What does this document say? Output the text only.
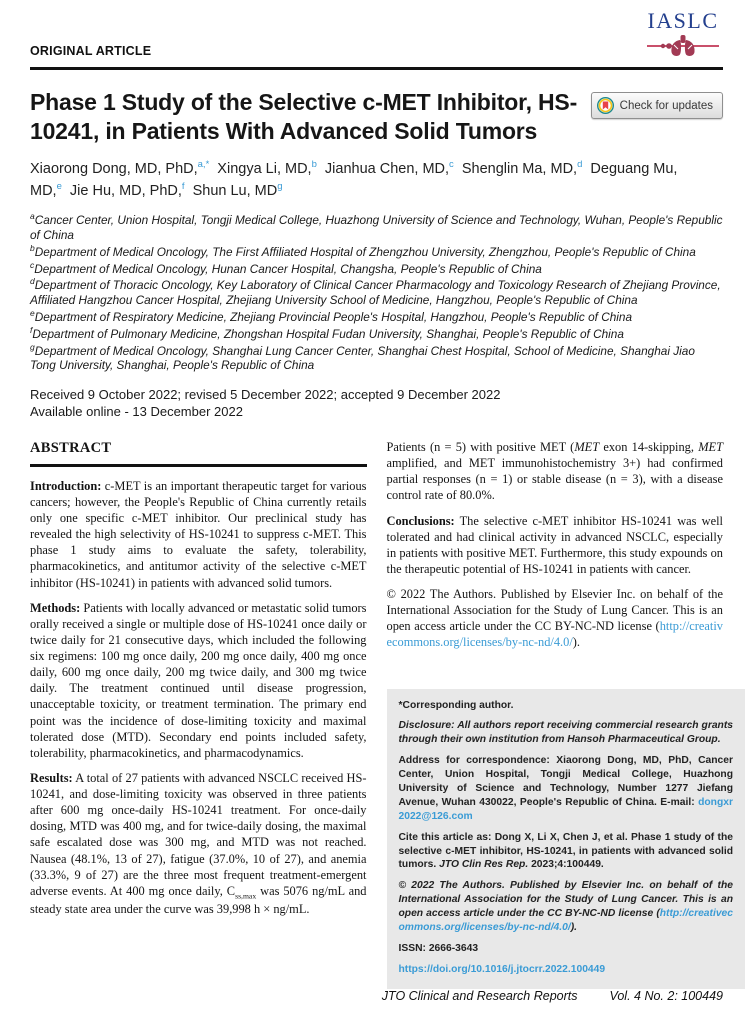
ORIGINAL ARTICLE
IASLC
Phase 1 Study of the Selective c-MET Inhibitor, HS-10241, in Patients With Advanced Solid Tumors
Check for updates
Xiaorong Dong, MD, PhD,$^{a,*}$ Xingya Li, MD,$^b$ Jianhua Chen, MD,$^c$ Shenglin Ma, MD,$^d$ Deguang Mu, MD,$^e$ Jie Hu, MD, PhD,$^f$ Shun Lu, $MD^g$
$^a$Cancer Center, Union Hospital, Tongji Medical College, Huazhong University of Science and Technology, Wuhan, People's Republic of China
$^b$Department of Medical Oncology, The First Affiliated Hospital of Zhengzhou University, Zhengzhou, People's Republic of China
$^c$Department of Medical Oncology, Hunan Cancer Hospital, Changsha, People's Republic of China
$^d$Department of Thoracic Oncology, Key Laboratory of Clinical Cancer Pharmacology and Toxicology Research of Zhejiang Province, Affiliated Hangzhou Cancer Hospital, Zhejiang University School of Medicine, Hangzhou, People's Republic of China
$^e$Department of Respiratory Medicine, Zhejiang Provincial People's Hospital, Hangzhou, People's Republic of China
$^f$Department of Pulmonary Medicine, Zhongshan Hospital Fudan University, Shanghai, People's Republic of China
$^g$Department of Medical Oncology, Shanghai Lung Cancer Center, Shanghai Chest Hospital, School of Medicine, Shanghai Jiao Tong University, Shanghai, People's Republic of China
Received 9 October 2022; revised 5 December 2022; accepted 9 December 2022
Available online - 13 December 2022
ABSTRACT

Introduction: c-MET is an important therapeutic target for various cancers; however, the People's Republic of China currently retails only one specific c-MET inhibitor. Our preclinical study has revealed the high selectivity of HS-10241 to suppress c-MET. This phase 1 study aims to evaluate the safety, tolerability, pharmacokinetics, and antitumor activity of the selective c-MET inhibitor (HS-10241) in patients with advanced solid tumors.

Methods: Patients with locally advanced or metastatic solid tumors orally received a single or multiple dose of HS-10241 once daily or twice daily for 21 consecutive days, which included the following six regimens: 100 mg once daily, 200 mg once daily, 400 mg once daily, 600 mg once daily, 200 mg twice daily, and 300 mg twice daily. The treatment continued until disease progression, unacceptable toxicity, or treatment termination. The primary end point was the incidence of dose-limiting toxicity and maximal tolerated dose (MTD). Secondary end points included safety, tolerability, pharmacokinetics, and pharmacodynamics.

Results: A total of 27 patients with advanced NSCLC received HS-10241, and dose-limiting toxicity was observed in three patients after 600 mg once-daily HS-10241 treatment. For once-daily dosing, MTD was 400 mg, and for twice-daily dosing, the maximal safe escalated dose was 300 mg, and MTD was not reached. Nausea (48.1%, 13 of 27), fatigue (37.0%, 10 of 27), and anemia (33.3%, 9 of 27) are the three most frequent treatment-emergent adverse events. At 400 mg once daily, $C_{ss,max}$ was 5076 ng/mL and steady state area under the curve was 39,998 h × ng/mL.

Patients (n = 5) with positive MET (MET exon 14-skipping, MET amplified, and MET immunohistochemistry 3+) had confirmed partial responses (n = 1) or stable disease (n = 3), with a disease control rate of 80.0%.

Conclusions: The selective c-MET inhibitor HS-10241 was well tolerated and had clinical activity in advanced NSCLC, especially in patients with positive MET. Furthermore, this study expounds on the therapeutic potential of HS-10241 in patients with cancer.

© 2022 The Authors. Published by Elsevier Inc. on behalf of the International Association for the Study of Lung Cancer. This is an open access article under the CC BY-NC-ND license (http://creativecommons.org/licenses/by-nc-nd/4.0/).

*Corresponding author.

Disclosure: All authors report receiving commercial research grants through their own institution from Hansoh Pharmaceutical Group.

Address for correspondence: Xiaorong Dong, MD, PhD, Cancer Center, Union Hospital, Tongji Medical College, Huazhong University of Science and Technology, Number 1277 Jiefang Avenue, Wuhan 430022, People's Republic of China. E-mail: dongxr2022@126.com

Cite this article as: Dong X, Li X, Chen J, et al. Phase 1 study of the selective c-MET inhibitor, HS-10241, in patients with advanced solid tumors. JTO Clin Res Rep. 2023;4:100449.

© 2022 The Authors. Published by Elsevier Inc. on behalf of the International Association for the Study of Lung Cancer. This is an open access article under the CC BY-NC-ND license (http://creativecommons.org/licenses/by-nc-nd/4.0/).

ISSN: 2666-3643

https://doi.org/10.1016/j.jtocrr.2022.100449

JTO Clinical and Research Reports	Vol. 4 No. 2: 100449
